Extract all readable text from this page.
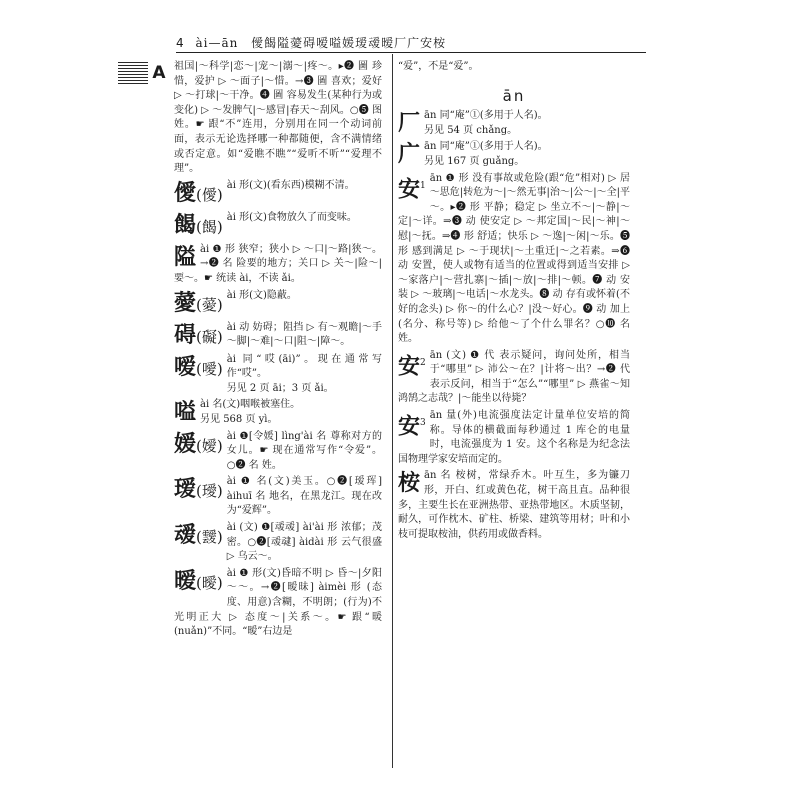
4 ài—ān 僾餲隘薆碍嗳嗌媛瑷叆暧厂广安桉
A 祖国|～科学|恋～|宠～|溺～|疼～。▸❷ 圖 珍惜，爱护 ▷ ～面子|～惜。→❸ 圖 喜欢；爱好 ▷ ～打球|～干净。❹ 圖 容易发生(某种行为或变化) ▷ ～发脾气|～感冒|春天～刮风。○❺ 图 姓。☛ 跟“不”连用，分别用在同一个动词前面，表示无论选择哪一种都随便，含不满情绪或否定意。如“爱瞧不瞧”“爱听不听”“爱理不理”。
僾(僾)
ài 形(文)(看东西)模糊不清。
餲(餲)
ài 形(文)食物放久了而变味。
隘 ài ❶ 形 狭窄；狭小 ▷ ～口|～路|狭～。→❷ 名 险要的地方；关口 ▷ 关～|险～|要～。☛ 统读 ài，不读 ǎi。
薆(薆)
ài 形(文)隐蔽。
碍(礙)
ài 动 妨碍；阻挡 ▷ 有～观瞻|～手～脚|～难|～口|阻～|障～。
嗳(噯)
ài 同“哎(āi)”。现在通常写作“哎”。
另见 2 页 āi；3 页 ǎi。
嗌 ài 名(文)咽喉被塞住。
另见 568 页 yì。
媛(嬡)
ài ❶[令媛] lìng'ài 名 尊称对方的女儿。☛ 现在通常写作“令爱”。○❷ 名 姓。
瑷(璦)
ài ❶ 名(文)美玉。○❷[瑷珲] àihuī 名 地名，在黑龙江。现在改为“爱辉”。
叆(靉)
ài (文) ❶[叆叆] ài'ài 形 浓郁；茂密。○❷[叆叇] àidài 形 云气很盛 ▷ 乌云～。
暧(曖)
ài ❶ 形(文)昏暗不明 ▷ 昏～|夕阳～～。→❷[暧昧] àimèi 形 (态度、用意)含糊，不明朗；(行为)不光明正大 ▷ 态度～|关系～。☛ 跟“暖(nuǎn)”不同。“暧”右边是
“爱”，不是“爱”。
ān
厂 ān 同“庵”①(多用于人名)。
另见 54 页 chǎng。
广 ān 同“庵”①(多用于人名)。
另见 167 页 guǎng。
安$^1$
ān ❶ 形 没有事故或危险(跟“危”相对) ▷ 居～思危|转危为～|～然无事|治～|公～|～全|平～。▸❷ 形 平静；稳定 ▷ 坐立不～|～静|～定|～详。⇒❸ 动 使安定 ▷ ～邦定国|～民|～神|～慰|～抚。⇒❹ 形 舒适；快乐 ▷ ～逸|～闲|～乐。❺ 形 感到满足 ▷ ～于现状|～土重迁|～之若素。⇒❻ 动 安置，使人或物有适当的位置或得到适当安排 ▷ ～家落户|～营扎寨|～插|～放|～排|～顿。❼ 动 安装 ▷ ～玻璃|～电话|～水龙头。❽ 动 存有或怀着(不好的念头) ▷ 你～的什么心？|没～好心。❾ 动 加上(名分、称号等) ▷ 给他～了个什么罪名？○❿ 名 姓。
安$^2$
ān (文) ❶ 代 表示疑问，询问处所，相当于“哪里” ▷ 沛公～在？|计将～出？→❷ 代 表示反问，相当于“怎么”“哪里” ▷ 燕雀～知鸿鹄之志哉？|～能坐以待毙？
安$^3$
ān 量(外)电流强度法定计量单位安培的简称。导体的横截面每秒通过 1 库仑的电量时，电流强度为 1 安。这个名称是为纪念法国物理学家安培而定的。
桉 ān 名 桉树，常绿乔木。叶互生，多为镰刀形，开白、红或黄色花，树干高且直。品种很多，主要生长在亚洲热带、亚热带地区。木质坚韧，耐久，可作枕木、矿柱、桥梁、建筑等用材；叶和小枝可提取桉油，供药用或做香料。
